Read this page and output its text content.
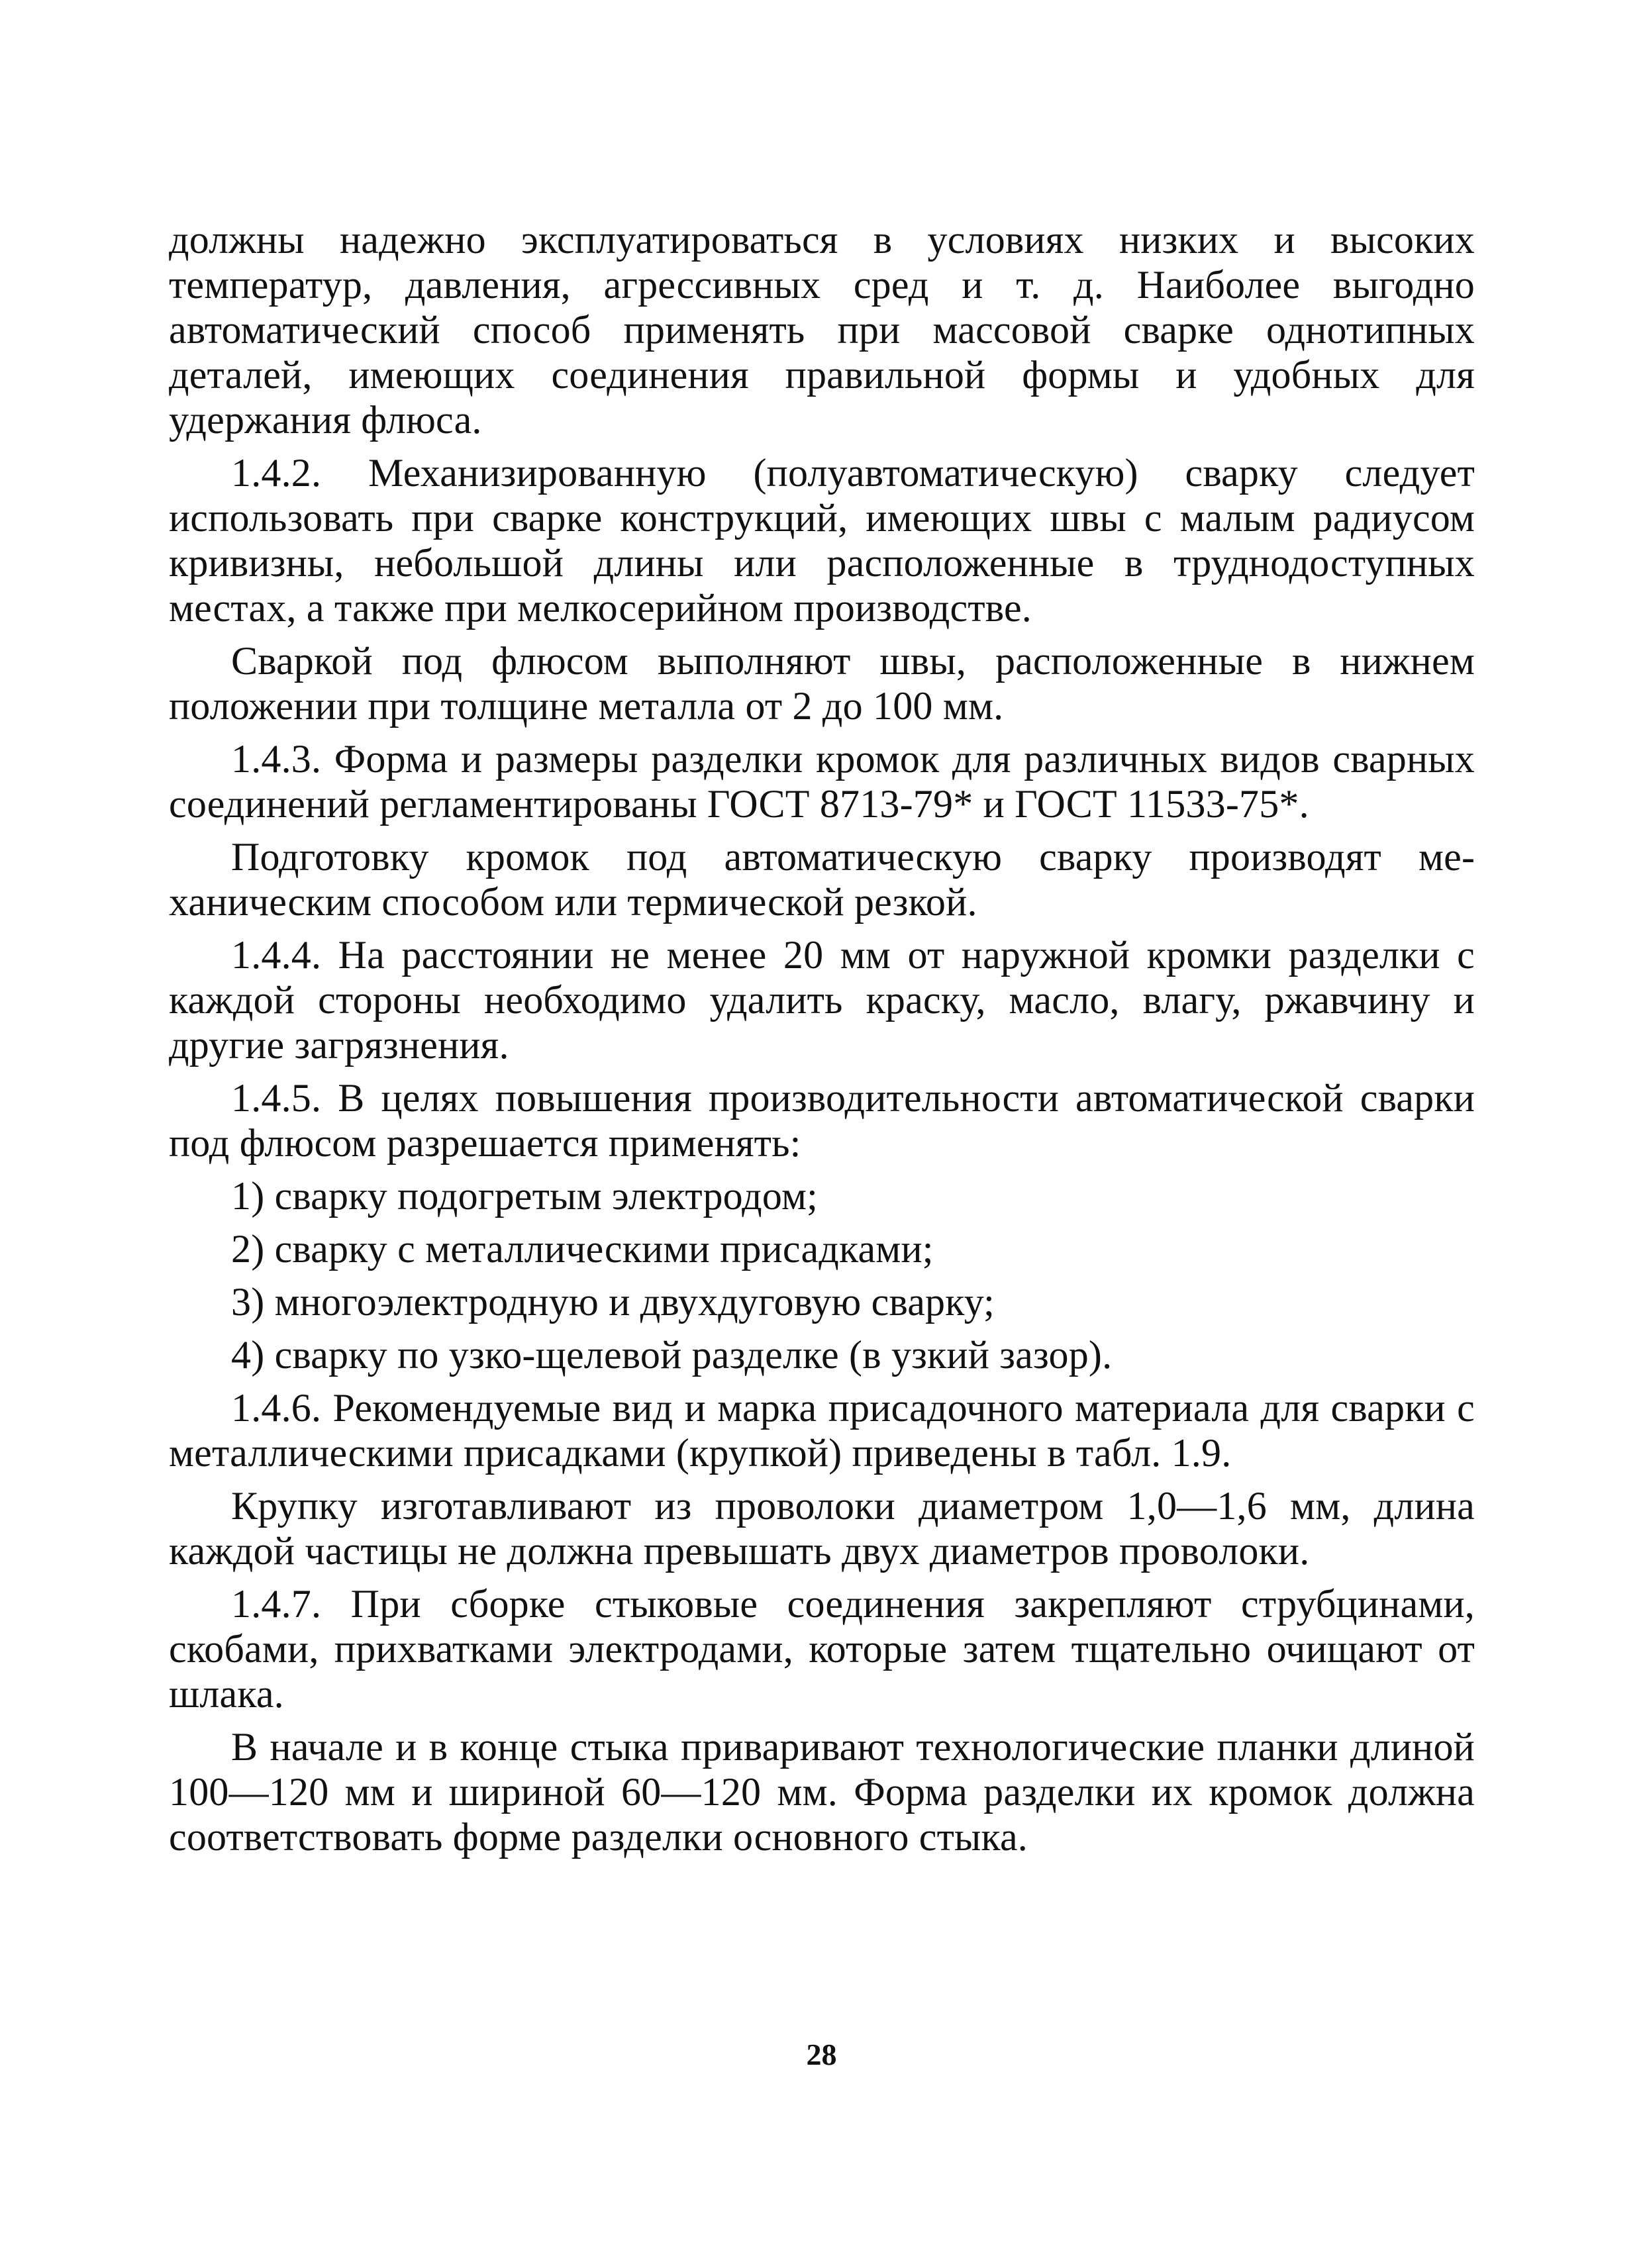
должны надежно эксплуатироваться в условиях низких и высоких температур, давления, агрессивных сред и т. д. Наиболее выгодно автоматический способ применять при массовой сварке однотипных деталей, имеющих соединения правильной формы и удобных для удержания флюса.

1.4.2. Механизированную (полуавтоматическую) сварку следует использовать при сварке конструкций, имеющих швы с малым радиусом кривизны, небольшой длины или расположенные в труднодоступных местах, а также при мелкосерийном производстве.

Сваркой под флюсом выполняют швы, расположенные в нижнем положении при толщине металла от 2 до 100 мм.

1.4.3. Форма и размеры разделки кромок для различных видов сварных соединений регламентированы ГОСТ 8713-79* и ГОСТ 11533-75*.

Подготовку кромок под автоматическую сварку производят механическим способом или термической резкой.

1.4.4. На расстоянии не менее 20 мм от наружной кромки разделки с каждой стороны необходимо удалить краску, масло, влагу, ржавчину и другие загрязнения.

1.4.5. В целях повышения производительности автоматической сварки под флюсом разрешается применять:

1) сварку подогретым электродом;

2) сварку с металлическими присадками;

3) многоэлектродную и двухдуговую сварку;

4) сварку по узко-щелевой разделке (в узкий зазор).

1.4.6. Рекомендуемые вид и марка присадочного материала для сварки с металлическими присадками (крупкой) приведены в табл. 1.9.

Крупку изготавливают из проволоки диаметром 1,0—1,6 мм, длина каждой частицы не должна превышать двух диаметров проволоки.

1.4.7. При сборке стыковые соединения закрепляют струбцинами, скобами, прихватками электродами, которые затем тщательно очищают от шлака.

В начале и в конце стыка приваривают технологические планки длиной 100—120 мм и шириной 60—120 мм. Форма разделки их кромок должна соответствовать форме разделки основного стыка.

28
